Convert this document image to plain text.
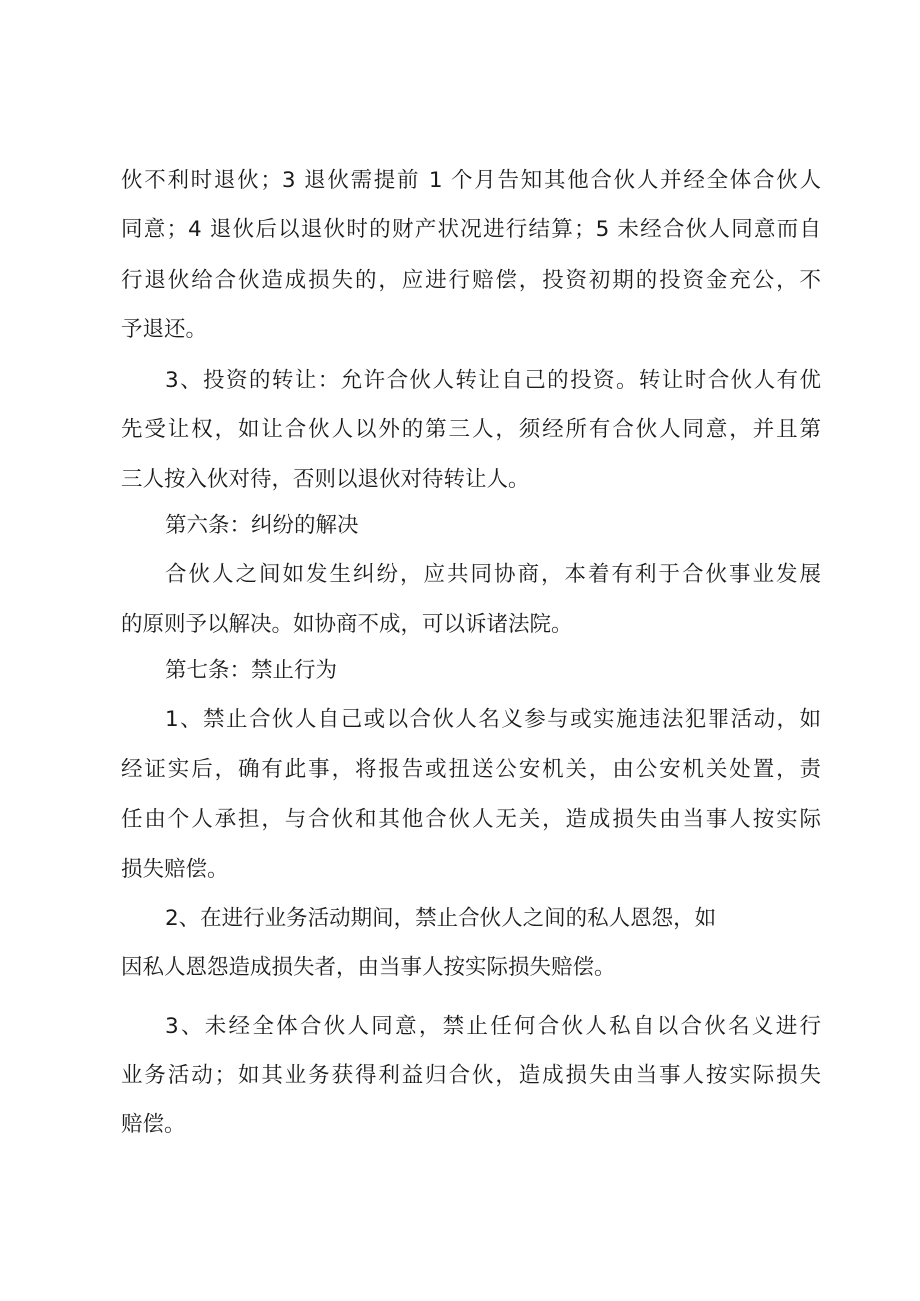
伙不利时退伙；3 退伙需提前 1 个月告知其他合伙人并经全体合伙人
同意；4 退伙后以退伙时的财产状况进行结算；5 未经合伙人同意而自
行退伙给合伙造成损失的，应进行赔偿，投资初期的投资金充公，不
予退还。
3、投资的转让：允许合伙人转让自己的投资。转让时合伙人有优
先受让权，如让合伙人以外的第三人，须经所有合伙人同意，并且第
三人按入伙对待，否则以退伙对待转让人。
第六条：纠纷的解决
合伙人之间如发生纠纷，应共同协商，本着有利于合伙事业发展
的原则予以解决。如协商不成，可以诉诸法院。
第七条：禁止行为
1、禁止合伙人自己或以合伙人名义参与或实施违法犯罪活动，如
经证实后，确有此事，将报告或扭送公安机关，由公安机关处置，责
任由个人承担，与合伙和其他合伙人无关，造成损失由当事人按实际
损失赔偿。
2、在进行业务活动期间，禁止合伙人之间的私人恩怨，如
因私人恩怨造成损失者，由当事人按实际损失赔偿。
3、未经全体合伙人同意，禁止任何合伙人私自以合伙名义进行
业务活动；如其业务获得利益归合伙，造成损失由当事人按实际损失
赔偿。
